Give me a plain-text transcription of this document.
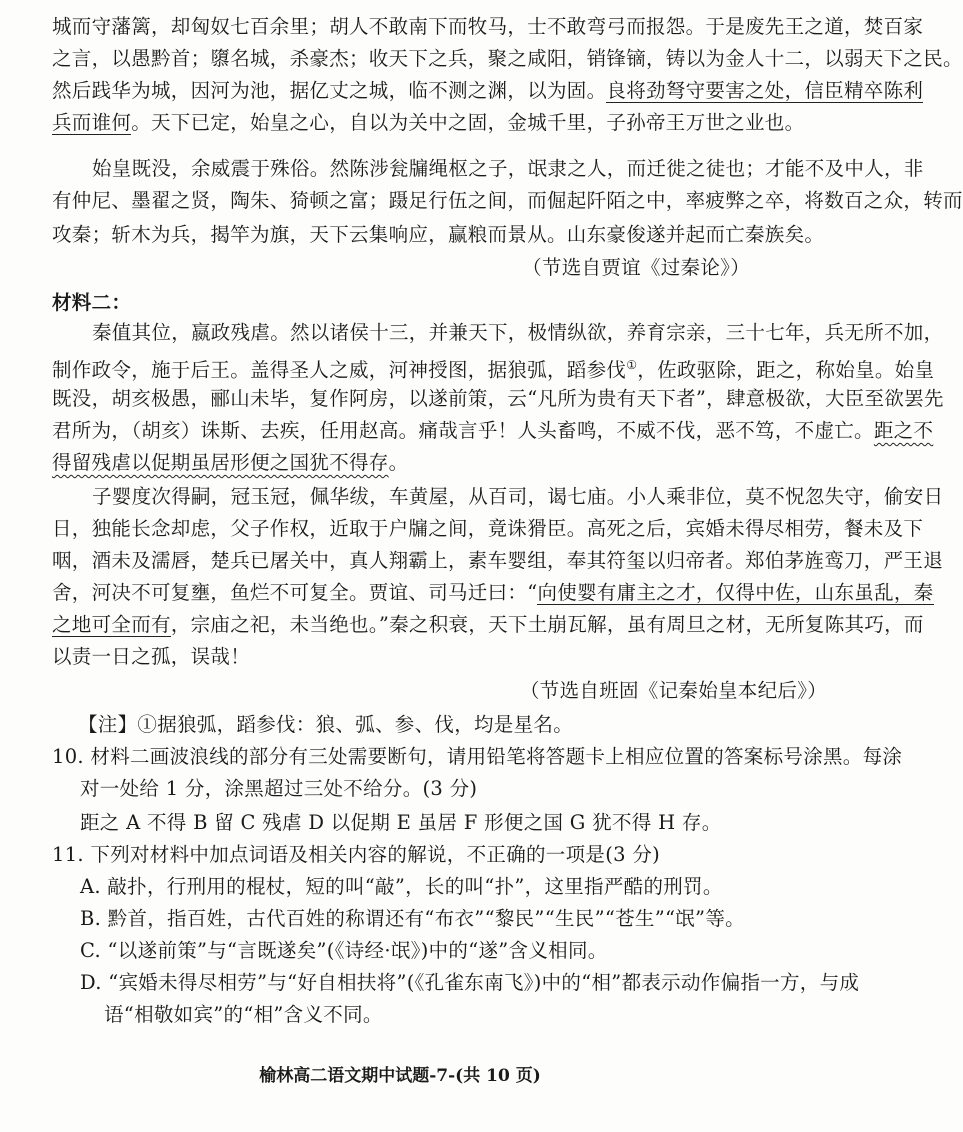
城而守藩篱，却匈奴七百余里；胡人不敢南下而牧马，士不敢弯弓而报怨。于是废先王之道，焚百家
之言，以愚黔首；隳名城，杀豪杰；收天下之兵，聚之咸阳，销锋镝，铸以为金人十二，以弱天下之民。
然后践华为城，因河为池，据亿丈之城，临不测之渊，以为固。良将劲弩守要害之处，信臣精卒陈利
兵而谁何。天下已定，始皇之心，自以为关中之固，金城千里，子孙帝王万世之业也。
始皇既没，余威震于殊俗。然陈涉瓮牖绳枢之子，氓隶之人，而迁徙之徒也；才能不及中人，非
有仲尼、墨翟之贤，陶朱、猗顿之富；蹑足行伍之间，而倔起阡陌之中，率疲弊之卒，将数百之众，转而
攻秦；斩木为兵，揭竿为旗，天下云集响应，赢粮而景从。山东豪俊遂并起而亡秦族矣。
（节选自贾谊《过秦论》）
材料二：
秦值其位，嬴政残虐。然以诸侯十三，并兼天下，极情纵欲，养育宗亲，三十七年，兵无所不加，
制作政令，施于后王。盖得圣人之威，河神授图，据狼弧，蹈参伐①，佐政驱除，距之，称始皇。始皇
既没，胡亥极愚，郦山未毕，复作阿房，以遂前策，云“凡所为贵有天下者”，肆意极欲，大臣至欲罢先
君所为，（胡亥）诛斯、去疾，任用赵高。痛哉言乎！人头畜鸣，不威不伐，恶不笃，不虚亡。距之不
得留残虐以促期虽居形便之国犹不得存。
子婴度次得嗣，冠玉冠，佩华绂，车黄屋，从百司，谒七庙。小人乘非位，莫不怳忽失守，偷安日
日，独能长念却虑，父子作权，近取于户牖之间，竟诛猾臣。高死之后，宾婚未得尽相劳，餐未及下
咽，酒未及濡唇，楚兵已屠关中，真人翔霸上，素车婴组，奉其符玺以归帝者。郑伯茅旌鸾刀，严王退
舍，河决不可复壅，鱼烂不可复全。贾谊、司马迁曰：“向使婴有庸主之才，仅得中佐，山东虽乱，秦
之地可全而有，宗庙之祀，未当绝也。”秦之积衰，天下土崩瓦解，虽有周旦之材，无所复陈其巧，而
以责一日之孤，误哉！
（节选自班固《记秦始皇本纪后》）
【注】①据狼弧，蹈参伐：狼、弧、参、伐，均是星名。
10. 材料二画波浪线的部分有三处需要断句，请用铅笔将答题卡上相应位置的答案标号涂黑。每涂
对一处给 1 分，涂黑超过三处不给分。(3 分)
距之 A 不得 B 留 C 残虐 D 以促期 E 虽居 F 形便之国 G 犹不得 H 存。
11. 下列对材料中加点词语及相关内容的解说，不正确的一项是(3 分)
A. 敲扑，行刑用的棍杖，短的叫“敲”，长的叫“扑”，这里指严酷的刑罚。
B. 黔首，指百姓，古代百姓的称谓还有“布衣”“黎民”“生民”“苍生”“氓”等。
C. “以遂前策”与“言既遂矣”(《诗经·氓》)中的“遂”含义相同。
D. “宾婚未得尽相劳”与“好自相扶将”(《孔雀东南飞》)中的“相”都表示动作偏指一方，与成
语“相敬如宾”的“相”含义不同。
榆林高二语文期中试题-7-(共 10 页)
